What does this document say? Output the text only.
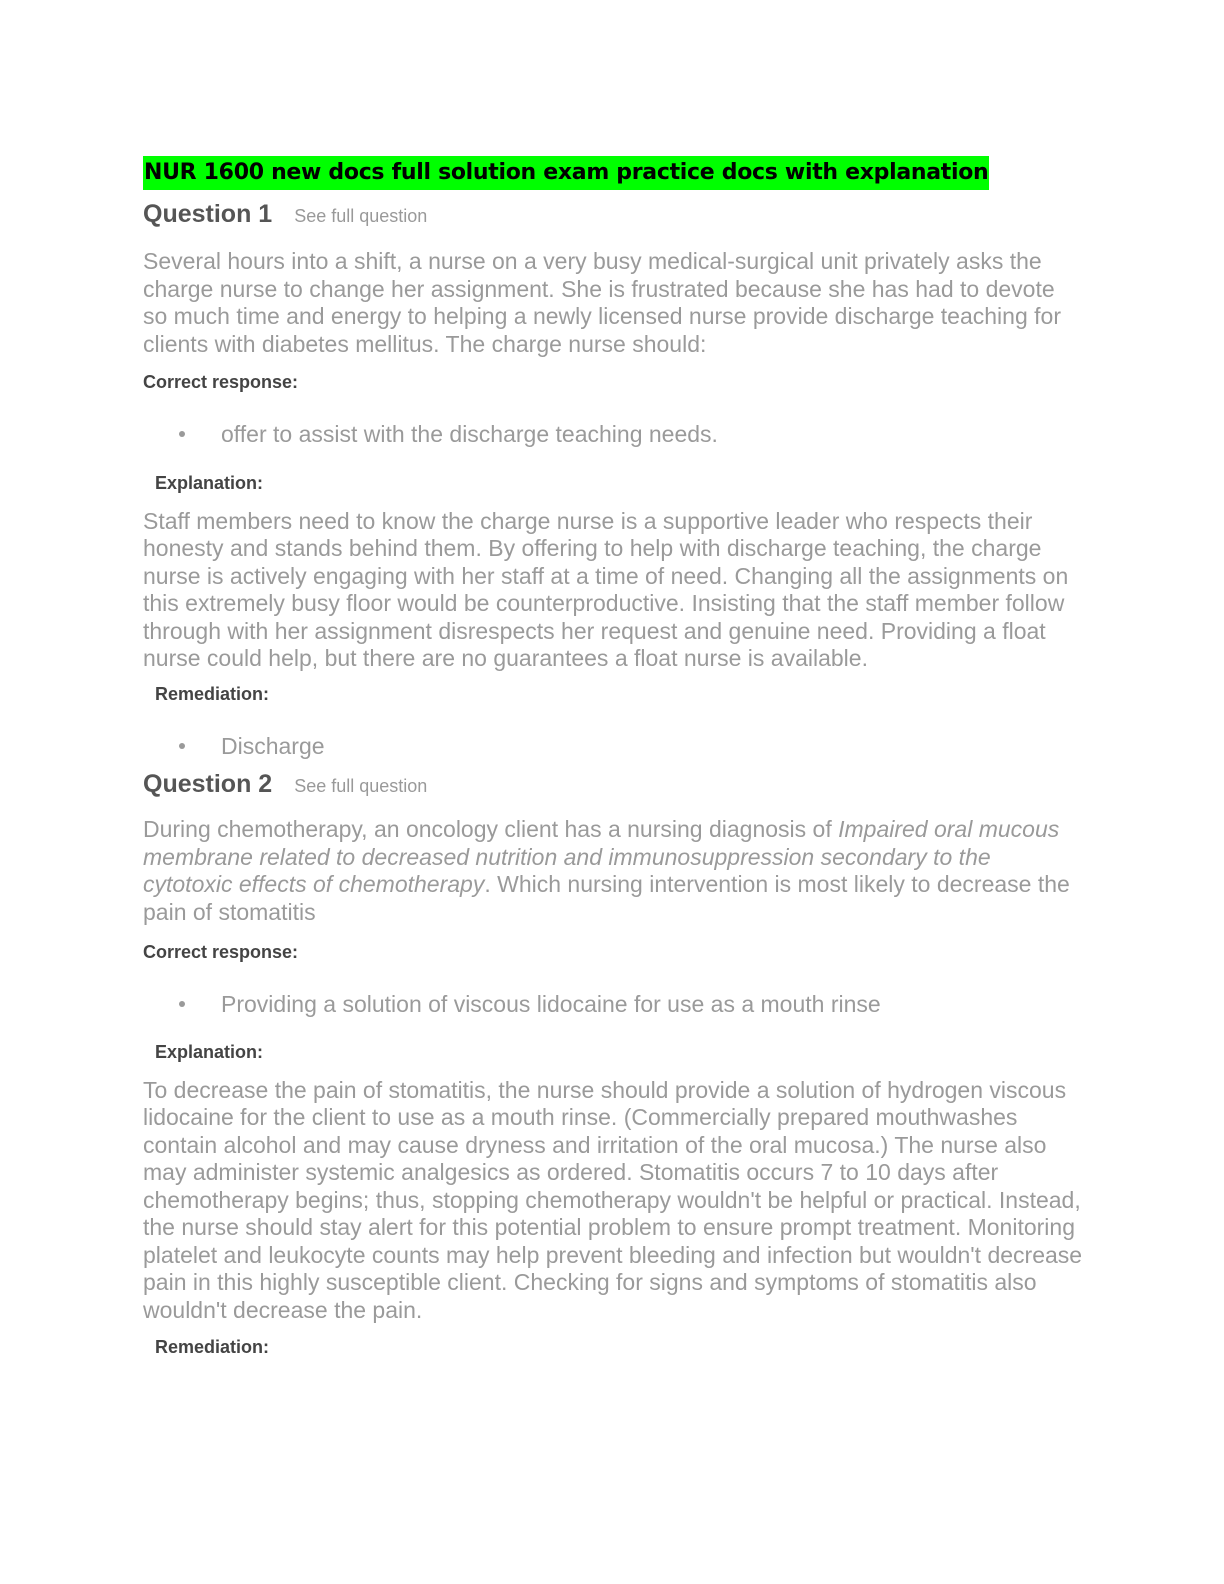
NUR 1600 new docs full solution exam practice docs with explanation
Question 1 See full question
Several hours into a shift, a nurse on a very busy medical-surgical unit privately asks the charge nurse to change her assignment. She is frustrated because she has had to devote so much time and energy to helping a newly licensed nurse provide discharge teaching for clients with diabetes mellitus. The charge nurse should:
Correct response:
offer to assist with the discharge teaching needs.
Explanation:
Staff members need to know the charge nurse is a supportive leader who respects their honesty and stands behind them. By offering to help with discharge teaching, the charge nurse is actively engaging with her staff at a time of need. Changing all the assignments on this extremely busy floor would be counterproductive. Insisting that the staff member follow through with her assignment disrespects her request and genuine need. Providing a float nurse could help, but there are no guarantees a float nurse is available.
Remediation:
Discharge
Question 2 See full question
During chemotherapy, an oncology client has a nursing diagnosis of Impaired oral mucous membrane related to decreased nutrition and immunosuppression secondary to the cytotoxic effects of chemotherapy. Which nursing intervention is most likely to decrease the pain of stomatitis
Correct response:
Providing a solution of viscous lidocaine for use as a mouth rinse
Explanation:
To decrease the pain of stomatitis, the nurse should provide a solution of hydrogen viscous lidocaine for the client to use as a mouth rinse. (Commercially prepared mouthwashes contain alcohol and may cause dryness and irritation of the oral mucosa.) The nurse also may administer systemic analgesics as ordered. Stomatitis occurs 7 to 10 days after chemotherapy begins; thus, stopping chemotherapy wouldn't be helpful or practical. Instead, the nurse should stay alert for this potential problem to ensure prompt treatment. Monitoring platelet and leukocyte counts may help prevent bleeding and infection but wouldn't decrease pain in this highly susceptible client. Checking for signs and symptoms of stomatitis also wouldn't decrease the pain.
Remediation:
